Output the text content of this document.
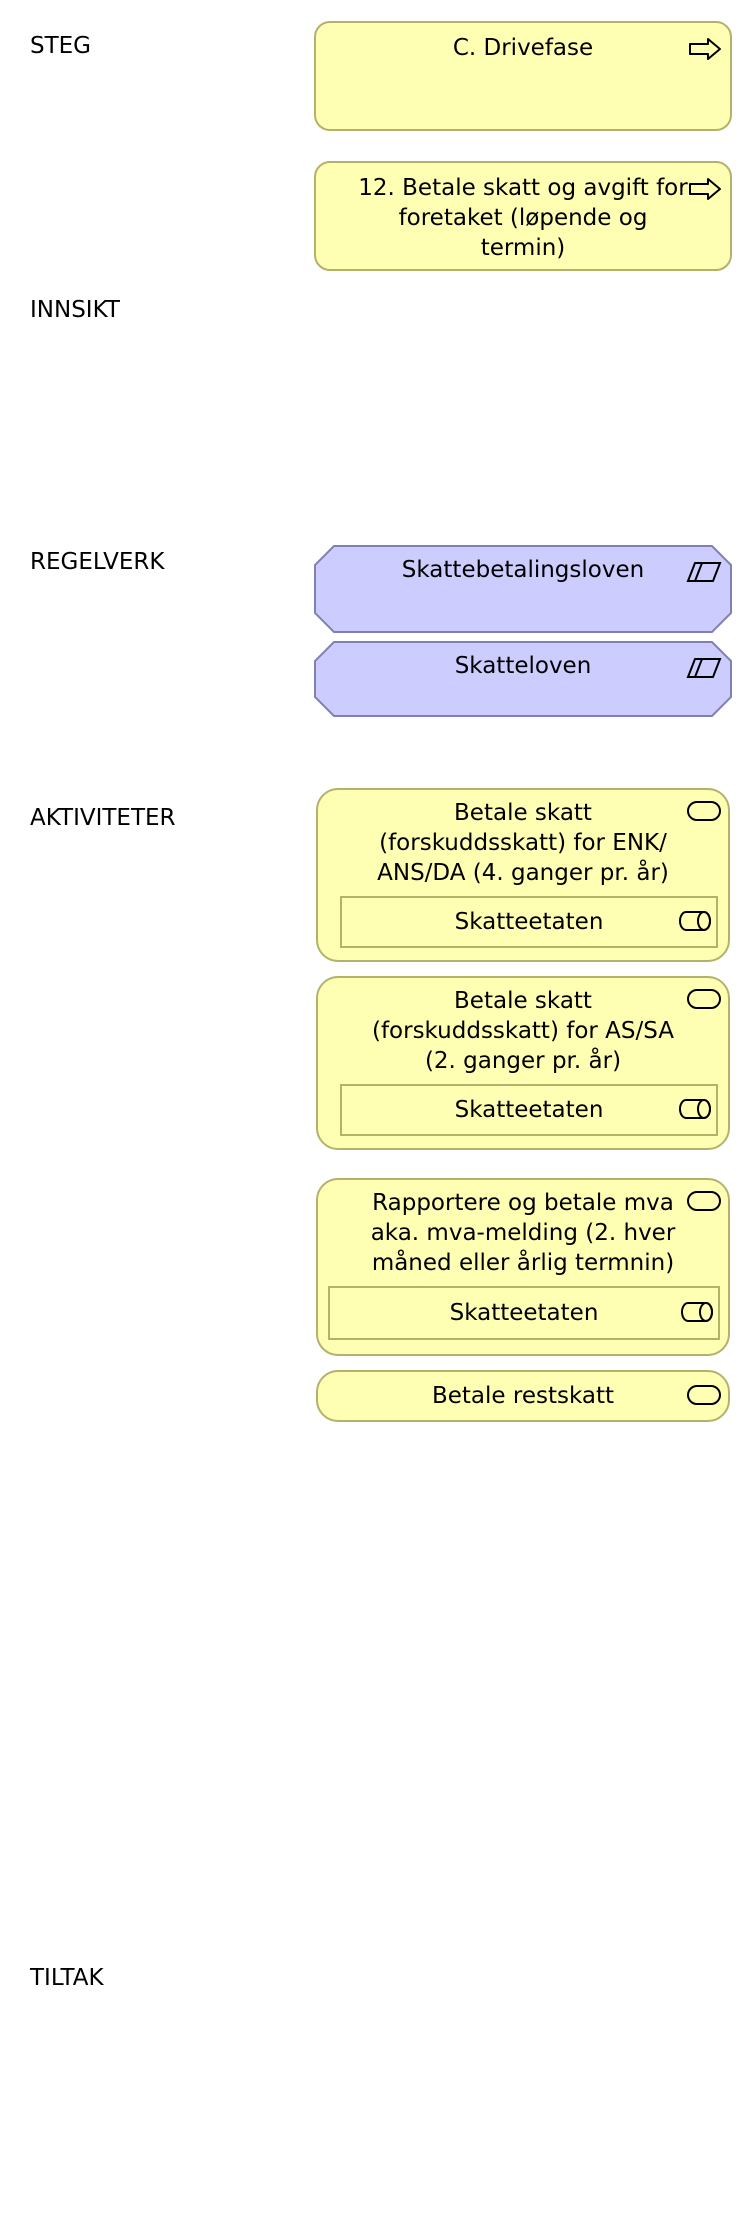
STEG
INNSIKT
REGELVERK
AKTIVITETER
TILTAK
C. Drivefase
12. Betale skatt og avgift for foretaket (løpende og termin)
Skattebetalingsloven
Skatteloven
Betale skatt (forskuddsskatt) for ENK/ ANS/DA (4. ganger pr. år)
Skatteetaten
Betale skatt (forskuddsskatt) for AS/SA (2. ganger pr. år)
Skatteetaten
Rapportere og betale mva aka. mva-melding (2. hver måned eller årlig termnin)
Skatteetaten
Betale restskatt
